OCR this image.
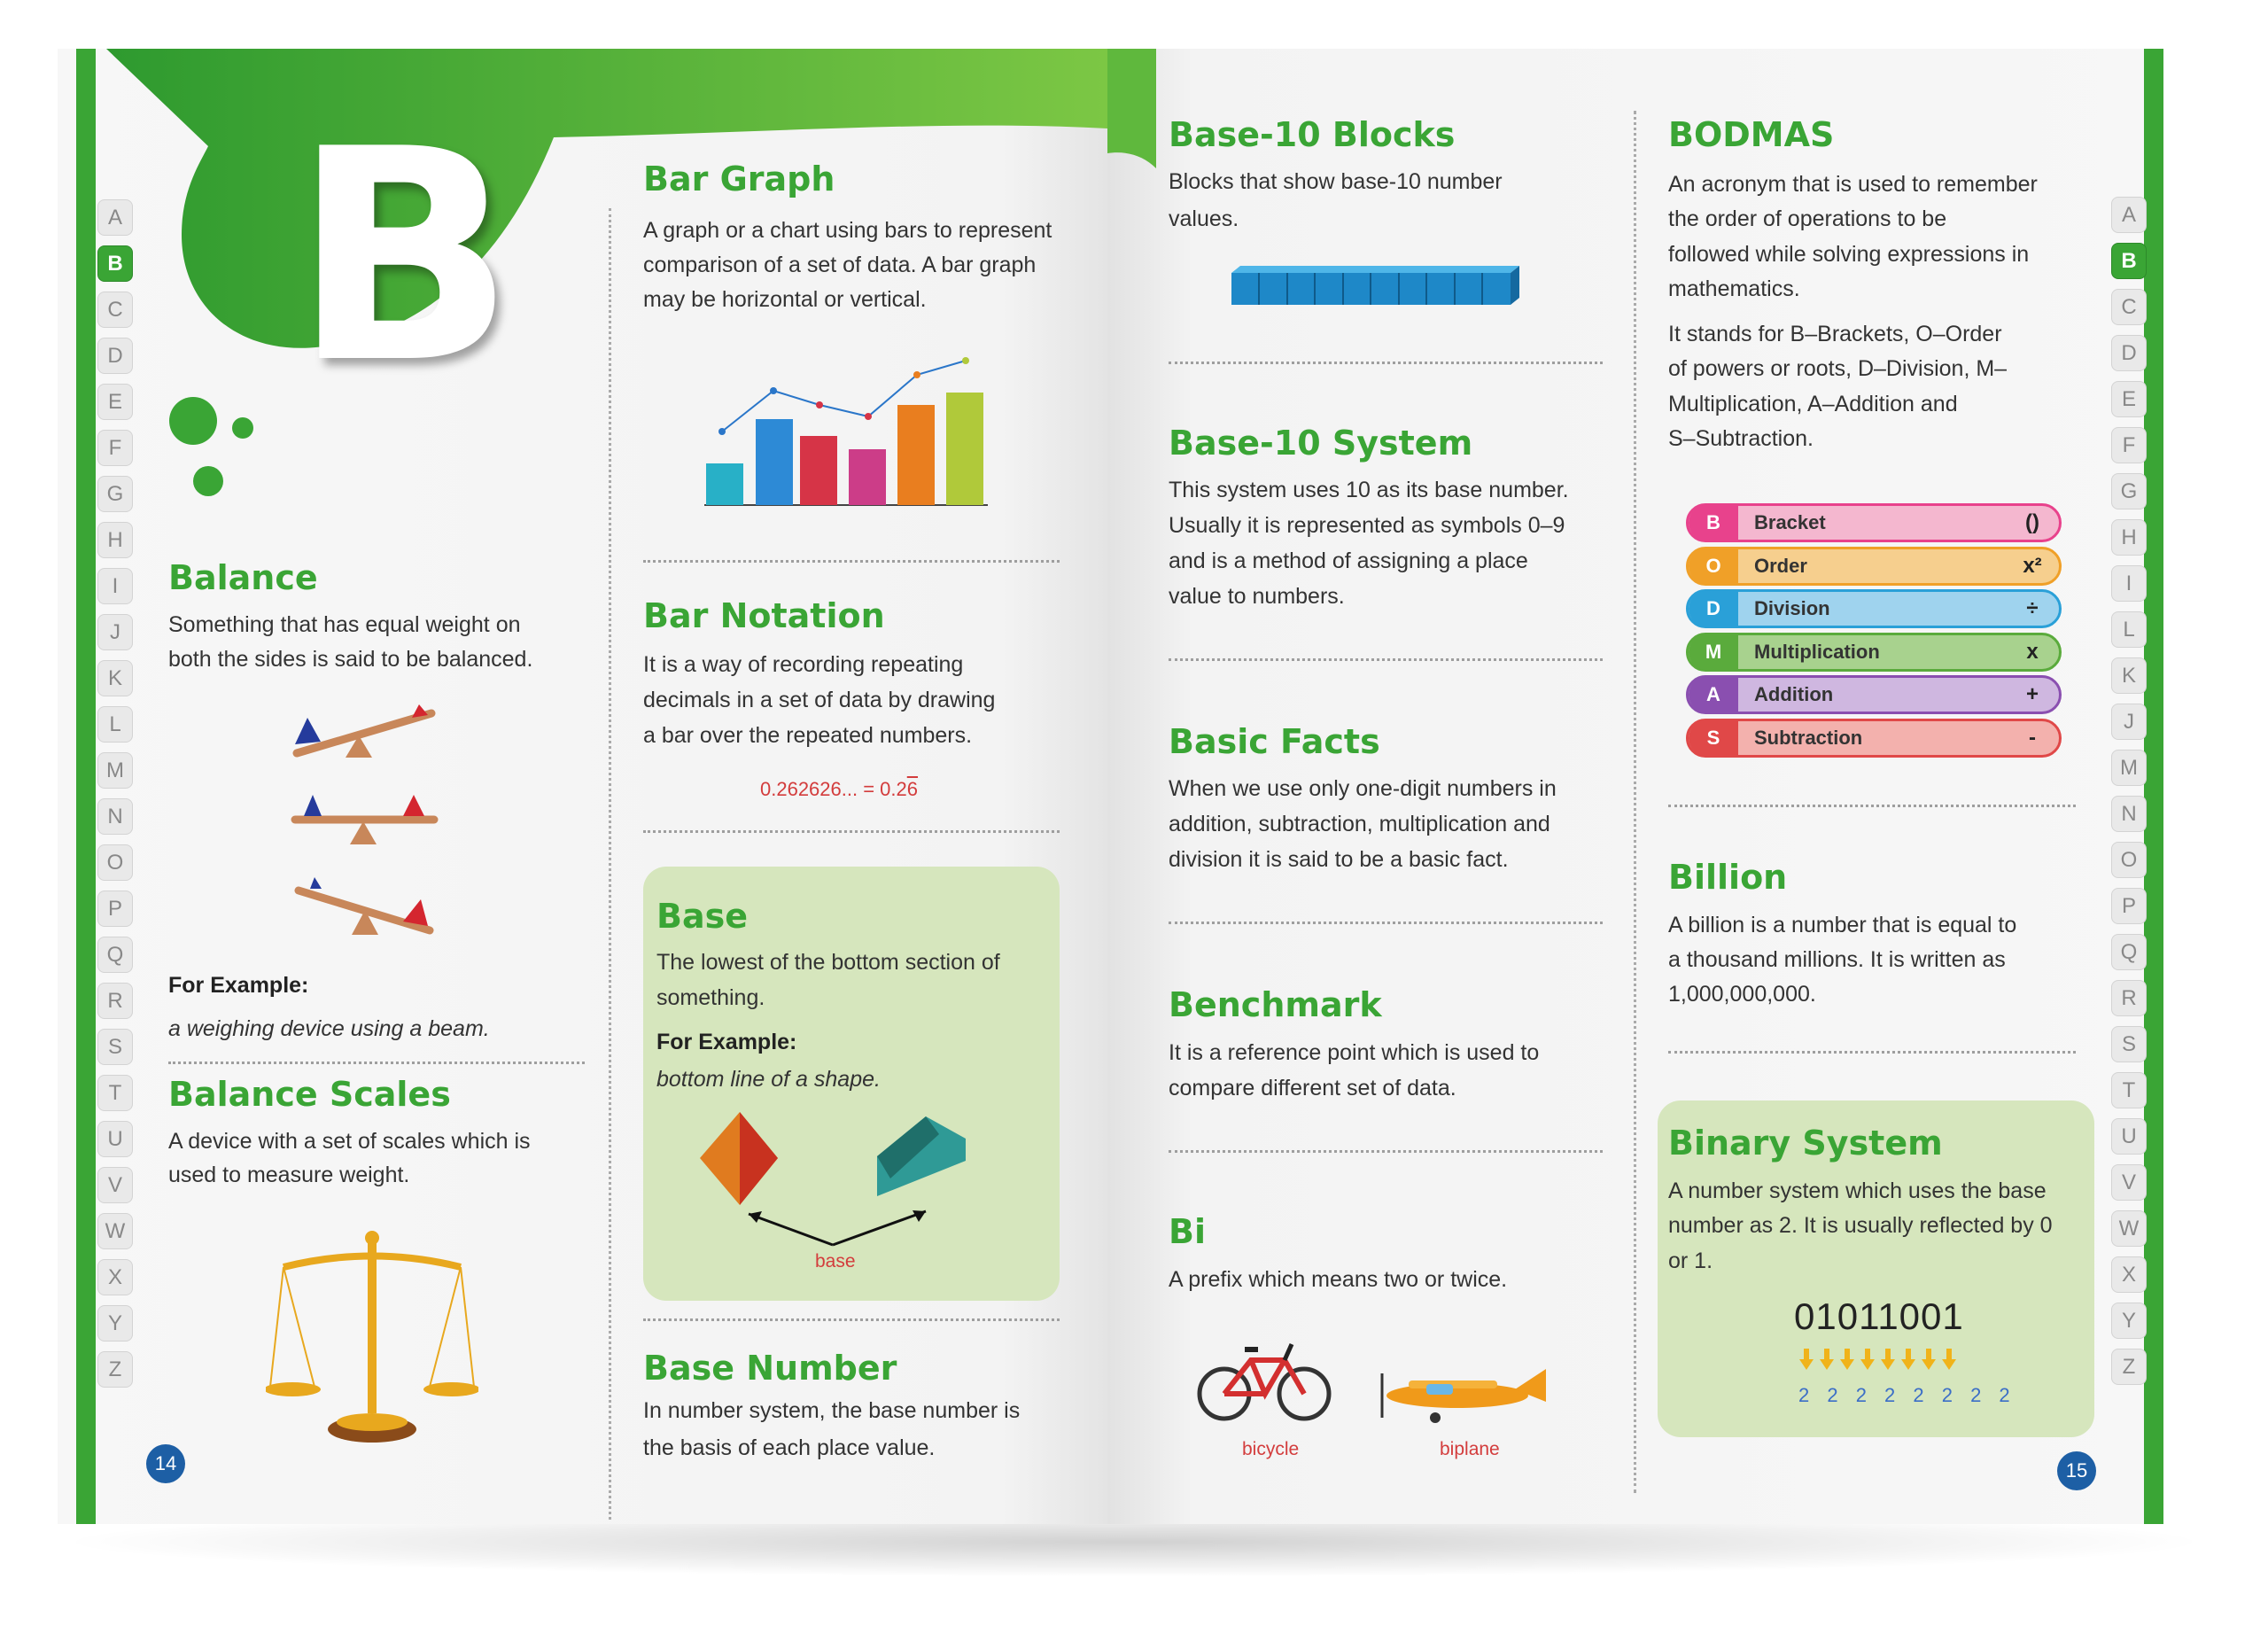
B
A
B
C
D
E
F
G
H
I
J
K
L
M
N
O
P
Q
R
S
T
U
V
W
X
Y
Z
A
B
C
D
E
F
G
H
I
L
K
J
M
N
O
P
Q
R
S
T
U
V
W
X
Y
Z
Balance
Something that has equal weight on
both the sides is said to be balanced.
For Example:
a weighing device using a beam.
Balance Scales
A device with a set of scales which is
used to measure weight.
14
Bar Graph
A graph or a chart using bars to represent
comparison of a set of data. A bar graph
may be horizontal or vertical.
Bar Notation
It is a way of recording repeating
decimals in a set of data by drawing
a bar over the repeated numbers.
0.262626... = 0.26
Base
The lowest of the bottom section of
something.
For Example:
bottom line of a shape.
base
Base Number
In number system, the base number is
the basis of each place value.
Base-10 Blocks
Blocks that show base-10 number
values.
Base-10 System
This system uses 10 as its base number.
Usually it is represented as symbols 0–9
and is a method of assigning a place
value to numbers.
Basic Facts
When we use only one-digit numbers in
addition, subtraction, multiplication and
division it is said to be a basic fact.
Benchmark
It is a reference point which is used to
compare different set of data.
Bi
A prefix which means two or twice.
bicycle	biplane
BODMAS
An acronym that is used to remember
the order of operations to be
followed while solving expressions in
mathematics.
It stands for B–Brackets, O–Order
of powers or roots, D–Division, M–
Multiplication, A–Addition and
S–Subtraction.
B	Bracket	()
O	Order	x²
D	Division	÷
M	Multiplication	x
A	Addition	+
S	Subtraction	-
Billion
A billion is a number that is equal to
a thousand millions. It is written as
1,000,000,000.
Binary System
A number system which uses the base
number as 2. It is usually reflected by 0
or 1.
01011001
2 2 2 2 2 2 2 2
15
